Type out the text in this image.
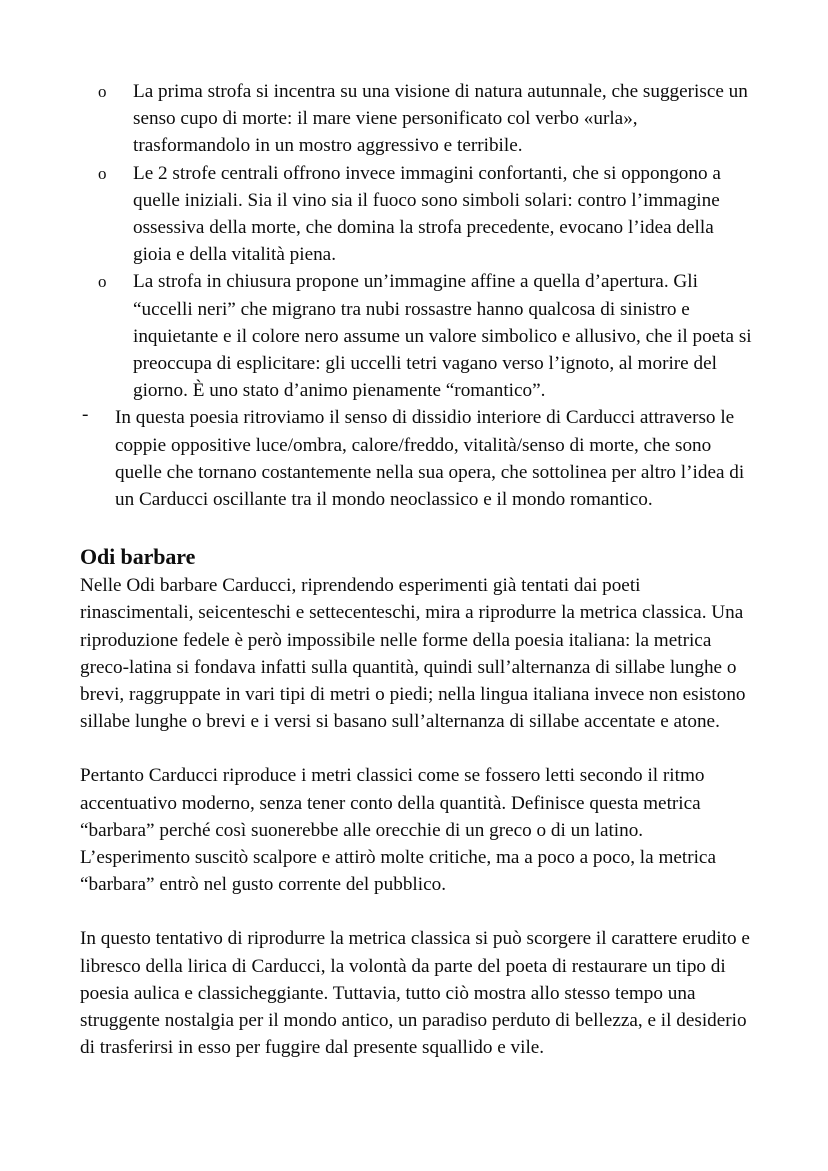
o La prima strofa si incentra su una visione di natura autunnale, che suggerisce un senso cupo di morte: il mare viene personificato col verbo «urla», trasformandolo in un mostro aggressivo e terribile.
o Le 2 strofe centrali offrono invece immagini confortanti, che si oppongono a quelle iniziali. Sia il vino sia il fuoco sono simboli solari: contro l’immagine ossessiva della morte, che domina la strofa precedente, evocano l’idea della gioia e della vitalità piena.
o La strofa in chiusura propone un’immagine affine a quella d’apertura. Gli “uccelli neri” che migrano tra nubi rossastre hanno qualcosa di sinistro e inquietante e il colore nero assume un valore simbolico e allusivo, che il poeta si preoccupa di esplicitare: gli uccelli tetri vagano verso l’ignoto, al morire del giorno. È uno stato d’animo pienamente “romantico”.
- In questa poesia ritroviamo il senso di dissidio interiore di Carducci attraverso le coppie oppositive luce/ombra, calore/freddo, vitalità/senso di morte, che sono quelle che tornano costantemente nella sua opera, che sottolinea per altro l’idea di un Carducci oscillante tra il mondo neoclassico e il mondo romantico.
Odi barbare

Nelle Odi barbare Carducci, riprendendo esperimenti già tentati dai poeti rinascimentali, seicenteschi e settecenteschi, mira a riprodurre la metrica classica. Una riproduzione fedele è però impossibile nelle forme della poesia italiana: la metrica greco-latina si fondava infatti sulla quantità, quindi sull’alternanza di sillabe lunghe o brevi, raggruppate in vari tipi di metri o piedi; nella lingua italiana invece non esistono sillabe lunghe o brevi e i versi si basano sull’alternanza di sillabe accentate e atone.

Pertanto Carducci riproduce i metri classici come se fossero letti secondo il ritmo accentuativo moderno, senza tener conto della quantità. Definisce questa metrica “barbara” perché così suonerebbe alle orecchie di un greco o di un latino. L’esperimento suscitò scalpore e attirò molte critiche, ma a poco a poco, la metrica “barbara” entrò nel gusto corrente del pubblico.

In questo tentativo di riprodurre la metrica classica si può scorgere il carattere erudito e libresco della lirica di Carducci, la volontà da parte del poeta di restaurare un tipo di poesia aulica e classicheggiante. Tuttavia, tutto ciò mostra allo stesso tempo una struggente nostalgia per il mondo antico, un paradiso perduto di bellezza, e il desiderio di trasferirsi in esso per fuggire dal presente squallido e vile.
